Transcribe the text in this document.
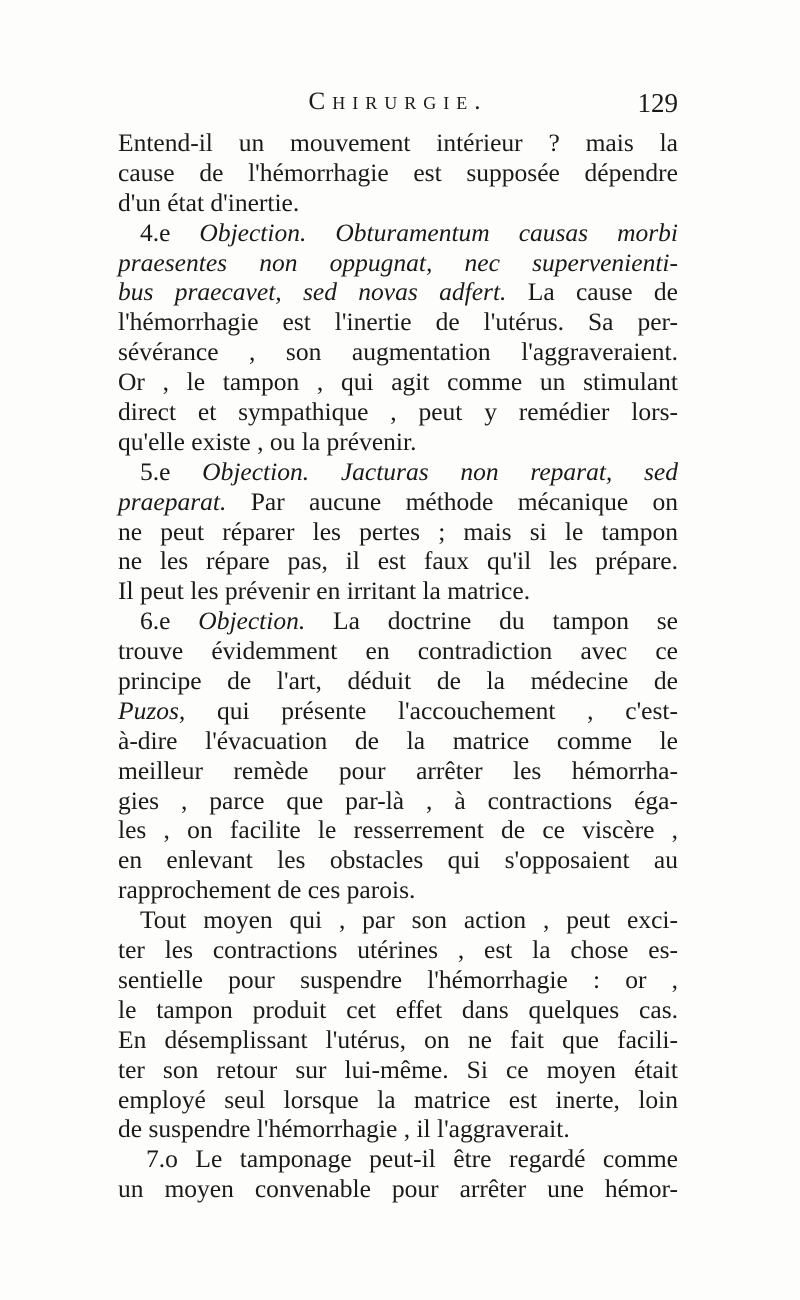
Chirurgie.	129
Entend-il un mouvement intérieur ? mais la
cause de l'hémorrhagie est supposée dépendre
d'un état d'inertie.
4.e Objection. Obturamentum causas morbi
praesentes non oppugnat, nec supervenienti-
bus praecavet, sed novas adfert. La cause de
l'hémorrhagie est l'inertie de l'utérus. Sa per-
sévérance , son augmentation l'aggraveraient.
Or , le tampon , qui agit comme un stimulant
direct et sympathique , peut y remédier lors-
qu'elle existe , ou la prévenir.
5.e Objection. Jacturas non reparat, sed
praeparat. Par aucune méthode mécanique on
ne peut réparer les pertes ; mais si le tampon
ne les répare pas, il est faux qu'il les prépare.
Il peut les prévenir en irritant la matrice.
6.e Objection. La doctrine du tampon se
trouve évidemment en contradiction avec ce
principe de l'art, déduit de la médecine de
Puzos, qui présente l'accouchement , c'est-
à-dire l'évacuation de la matrice comme le
meilleur remède pour arrêter les hémorrha-
gies , parce que par-là , à contractions éga-
les , on facilite le resserrement de ce viscère ,
en enlevant les obstacles qui s'opposaient au
rapprochement de ces parois.
Tout moyen qui , par son action , peut exci-
ter les contractions utérines , est la chose es-
sentielle pour suspendre l'hémorrhagie : or ,
le tampon produit cet effet dans quelques cas.
En désemplissant l'utérus, on ne fait que facili-
ter son retour sur lui-même. Si ce moyen était
employé seul lorsque la matrice est inerte, loin
de suspendre l'hémorrhagie , il l'aggraverait.
7.o Le tamponage peut-il être regardé comme
un moyen convenable pour arrêter une hémor-
